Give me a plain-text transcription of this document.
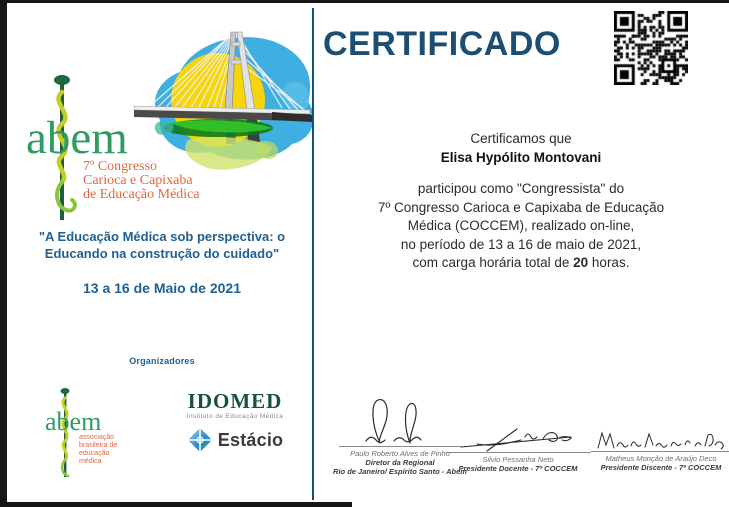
abem
7º Congresso
Carioca e Capixaba
de Educação Médica
"A Educação Médica sob perspectiva: o
Educando na construção do cuidado"
13 a 16 de Maio de 2021
Organizadores
abem
associação
brasileira de
educação
médica
IDOMED
Instituto de Educação Médica
Estácio
CERTIFICADO
Certificamos que
Elisa Hypólito Montovani
participou como "Congressista" do
7º Congresso Carioca e Capixaba de Educação
Médica (COCCEM), realizado on-line,
no período de 13 a 16 de maio de 2021,
com carga horária total de 20 horas.
Paulo Roberto Alves de Pinho
Diretor da Regional
Rio de Janeiro/ Espírito Santo - Abem
Silvio Pessanha Neto
Presidente Docente - 7º COCCEM
Matheus Monção de Araújo Deco
Presidente Discente - 7º COCCEM
